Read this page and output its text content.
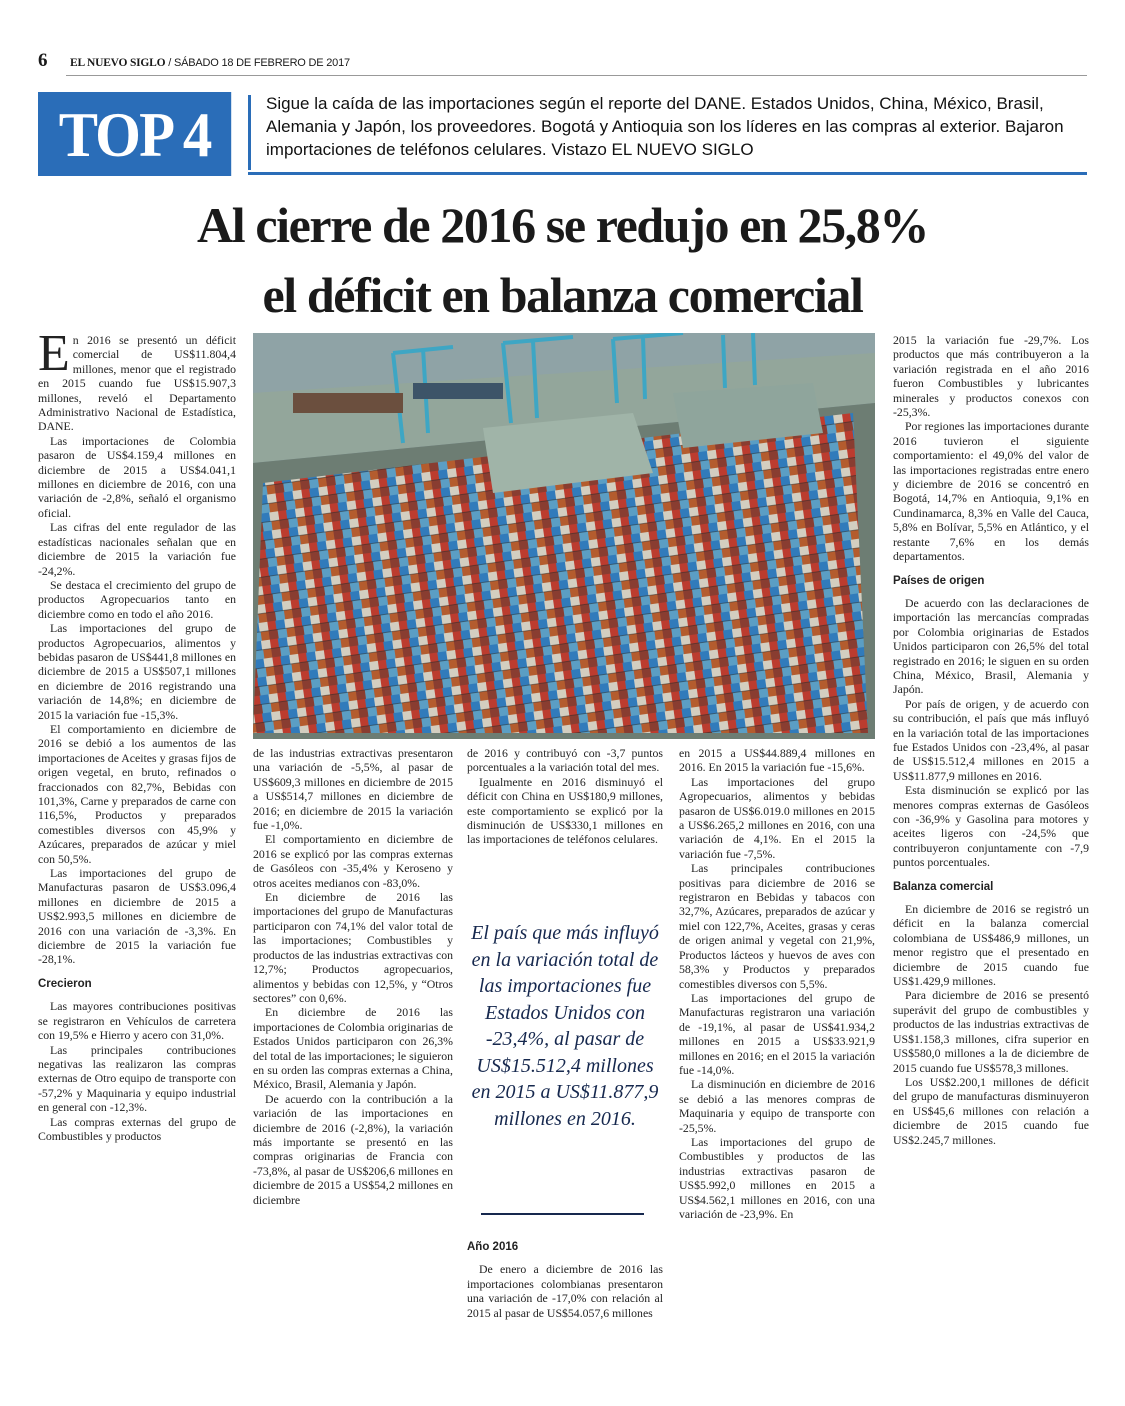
6 EL NUEVO SIGLO / SÁBADO 18 DE FEBRERO DE 2017
TOP 4	Sigue la caída de las importaciones según el reporte del DANE. Estados Unidos, China, México, Brasil, Alemania y Japón, los proveedores. Bogotá y Antioquia son los líderes en las compras al exterior. Bajaron importaciones de teléfonos celulares. Vistazo EL NUEVO SIGLO
Al cierre de 2016 se redujo en 25,8%
el déficit en balanza comercial

En 2016 se presentó un déficit comercial de US$11.804,4 millones, menor que el registrado en 2015 cuando fue US$15.907,3 millones, reveló el Departamento Administrativo Nacional de Estadística, DANE.

Las importaciones de Colombia pasaron de US$4.159,4 millones en diciembre de 2015 a US$4.041,1 millones en diciembre de 2016, con una variación de -2,8%, señaló el organismo oficial.

Las cifras del ente regulador de las estadísticas nacionales señalan que en diciembre de 2015 la variación fue -24,2%.

Se destaca el crecimiento del grupo de productos Agropecuarios tanto en diciembre como en todo el año 2016.

Las importaciones del grupo de productos Agropecuarios, alimentos y bebidas pasaron de US$441,8 millones en diciembre de 2015 a US$507,1 millones en diciembre de 2016 registrando una variación de 14,8%; en diciembre de 2015 la variación fue -15,3%.

El comportamiento en diciembre de 2016 se debió a los aumentos de las importaciones de Aceites y grasas fijos de origen vegetal, en bruto, refinados o fraccionados con 82,7%, Bebidas con 101,3%, Carne y preparados de carne con 116,5%, Productos y preparados comestibles diversos con 45,9% y Azúcares, preparados de azúcar y miel con 50,5%.

Las importaciones del grupo de Manufacturas pasaron de US$3.096,4 millones en diciembre de 2015 a US$2.993,5 millones en diciembre de 2016 con una variación de -3,3%. En diciembre de 2015 la variación fue -28,1%.

Crecieron

Las mayores contribuciones positivas se registraron en Vehículos de carretera con 19,5% e Hierro y acero con 31,0%.

Las principales contribuciones negativas las realizaron las compras externas de Otro equipo de transporte con -57,2% y Maquinaria y equipo industrial en general con -12,3%.

Las compras externas del grupo de Combustibles y productos

de las industrias extractivas presentaron una variación de -5,5%, al pasar de US$609,3 millones en diciembre de 2015 a US$514,7 millones en diciembre de 2016; en diciembre de 2015 la variación fue -1,0%.

El comportamiento en diciembre de 2016 se explicó por las compras externas de Gasóleos con -35,4% y Keroseno y otros aceites medianos con -83,0%.

En diciembre de 2016 las importaciones del grupo de Manufacturas participaron con 74,1% del valor total de las importaciones; Combustibles y productos de las industrias extractivas con 12,7%; Productos agropecuarios, alimentos y bebidas con 12,5%, y “Otros sectores” con 0,6%.

En diciembre de 2016 las importaciones de Colombia originarias de Estados Unidos participaron con 26,3% del total de las importaciones; le siguieron en su orden las compras externas a China, México, Brasil, Alemania y Japón.

De acuerdo con la contribución a la variación de las importaciones en diciembre de 2016 (-2,8%), la variación más importante se presentó en las compras originarias de Francia con -73,8%, al pasar de US$206,6 millones en diciembre de 2015 a US$54,2 millones en diciembre

de 2016 y contribuyó con -3,7 puntos porcentuales a la variación total del mes.

Igualmente en 2016 disminuyó el déficit con China en US$180,9 millones, este comportamiento se explicó por la disminución de US$330,1 millones en las importaciones de teléfonos celulares.

El país que más influyó en la variación total de las importaciones fue Estados Unidos con -23,4%, al pasar de US$15.512,4 millones en 2015 a US$11.877,9 millones en 2016.
Año 2016

De enero a diciembre de 2016 las importaciones colombianas presentaron una variación de -17,0% con relación al 2015 al pasar de US$54.057,6 millones

en 2015 a US$44.889,4 millones en 2016. En 2015 la variación fue -15,6%.

Las importaciones del grupo Agropecuarios, alimentos y bebidas pasaron de US$6.019.0 millones en 2015 a US$6.265,2 millones en 2016, con una variación de 4,1%. En el 2015 la variación fue -7,5%.

Las principales contribuciones positivas para diciembre de 2016 se registraron en Bebidas y tabacos con 32,7%, Azúcares, preparados de azúcar y miel con 122,7%, Aceites, grasas y ceras de origen animal y vegetal con 21,9%, Productos lácteos y huevos de aves con 58,3% y Productos y preparados comestibles diversos con 5,5%.

Las importaciones del grupo de Manufacturas registraron una variación de -19,1%, al pasar de US$41.934,2 millones en 2015 a US$33.921,9 millones en 2016; en el 2015 la variación fue -14,0%.

La disminución en diciembre de 2016 se debió a las menores compras de Maquinaria y equipo de transporte con -25,5%.

Las importaciones del grupo de Combustibles y productos de las industrias extractivas pasaron de US$5.992,0 millones en 2015 a US$4.562,1 millones en 2016, con una variación de -23,9%. En

2015 la variación fue -29,7%. Los productos que más contribuyeron a la variación registrada en el año 2016 fueron Combustibles y lubricantes minerales y productos conexos con -25,3%.

Por regiones las importaciones durante 2016 tuvieron el siguiente comportamiento: el 49,0% del valor de las importaciones registradas entre enero y diciembre de 2016 se concentró en Bogotá, 14,7% en Antioquia, 9,1% en Cundinamarca, 8,3% en Valle del Cauca, 5,8% en Bolívar, 5,5% en Atlántico, y el restante 7,6% en los demás departamentos.

Países de origen

De acuerdo con las declaraciones de importación las mercancías compradas por Colombia originarias de Estados Unidos participaron con 26,5% del total registrado en 2016; le siguen en su orden China, México, Brasil, Alemania y Japón.

Por país de origen, y de acuerdo con su contribución, el país que más influyó en la variación total de las importaciones fue Estados Unidos con -23,4%, al pasar de US$15.512,4 millones en 2015 a US$11.877,9 millones en 2016.

Esta disminución se explicó por las menores compras externas de Gasóleos con -36,9% y Gasolina para motores y aceites ligeros con -24,5% que contribuyeron conjuntamente con -7,9 puntos porcentuales.

Balanza comercial

En diciembre de 2016 se registró un déficit en la balanza comercial colombiana de US$486,9 millones, un menor registro que el presentado en diciembre de 2015 cuando fue US$1.429,9 millones.

Para diciembre de 2016 se presentó superávit del grupo de combustibles y productos de las industrias extractivas de US$1.158,3 millones, cifra superior en US$580,0 millones a la de diciembre de 2015 cuando fue US$578,3 millones.

Los US$2.200,1 millones de déficit del grupo de manufacturas disminuyeron en US$45,6 millones con relación a diciembre de 2015 cuando fue US$2.245,7 millones.
